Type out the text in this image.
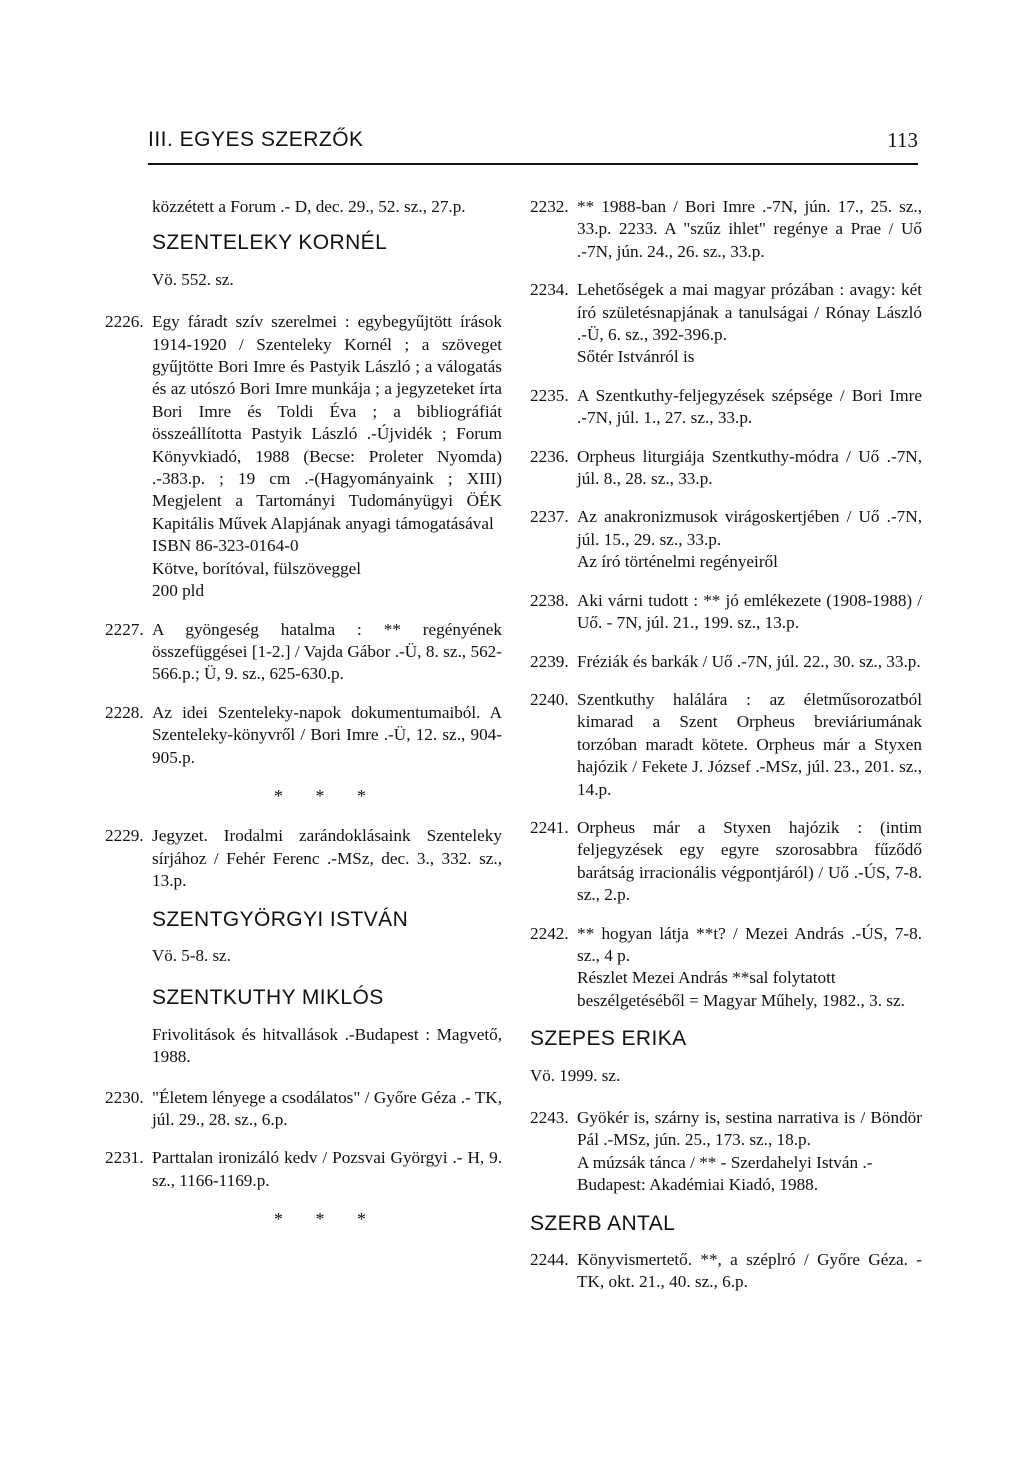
III. EGYES SZERZŐK	113
közzétett a Forum .- D, dec. 29., 52. sz., 27.p.
SZENTELEKY KORNÉL
Vö. 552. sz.
2226. Egy fáradt szív szerelmei : egybegyűjtött írások 1914-1920 / Szenteleky Kornél ; a szöveget gyűjtötte Bori Imre és Pastyik László ; a válogatás és az utószó Bori Imre munkája ; a jegyzeteket írta Bori Imre és Toldi Éva ; a bibliográfiát összeállította Pastyik László .-Újvidék ; Forum Könyvkiadó, 1988 (Becse: Proleter Nyomda) .-383.p. ; 19 cm .-(Hagyományaink ; XIII) Megjelent a Tartományi Tudományügyi ÖÉK Kapitális Művek Alapjának anyagi támogatásával
ISBN 86-323-0164-0
Kötve, borítóval, fülszöveggel
200 pld
2227. A gyöngeség hatalma : ** regényének összefüggései [1-2.] / Vajda Gábor .-Ü, 8. sz., 562-566.p.; Ü, 9. sz., 625-630.p.
2228. Az idei Szenteleky-napok dokumentumaiból. A Szenteleky-könyvről / Bori Imre .-Ü, 12. sz., 904-905.p.
* * *
2229. Jegyzet. Irodalmi zarándoklásaink Szenteleky sírjához / Fehér Ferenc .-MSz, dec. 3., 332. sz., 13.p.
SZENTGYÖRGYI ISTVÁN
Vö. 5-8. sz.
SZENTKUTHY MIKLÓS
Frivolitások és hitvallások .-Budapest : Magvető, 1988.
2230. "Életem lényege a csodálatos" / Győre Géza .- TK, júl. 29., 28. sz., 6.p.
2231. Parttalan ironizáló kedv / Pozsvai Györgyi .- H, 9. sz., 1166-1169.p.
* * *
2232. ** 1988-ban / Bori Imre .-7N, jún. 17., 25. sz., 33.p. 2233. A "szűz ihlet" regénye a Prae / Uő .-7N, jún. 24., 26. sz., 33.p.
2234. Lehetőségek a mai magyar prózában : avagy: két író születésnapjának a tanulságai / Rónay László .-Ü, 6. sz., 392-396.p.
Sőtér Istvánról is
2235. A Szentkuthy-feljegyzések szépsége / Bori Imre .-7N, júl. 1., 27. sz., 33.p.
2236. Orpheus liturgiája Szentkuthy-módra / Uő .-7N, júl. 8., 28. sz., 33.p.
2237. Az anakronizmusok virágoskertjében / Uő .-7N, júl. 15., 29. sz., 33.p.
Az író történelmi regényeiről
2238. Aki várni tudott : ** jó emlékezete (1908-1988) / Uő. - 7N, júl. 21., 199. sz., 13.p.
2239. Fréziák és barkák / Uő .-7N, júl. 22., 30. sz., 33.p.
2240. Szentkuthy halálára : az életműsorozatból kimarad a Szent Orpheus breviáriumának torzóban maradt kötete. Orpheus már a Styxen hajózik / Fekete J. József .-MSz, júl. 23., 201. sz., 14.p.
2241. Orpheus már a Styxen hajózik : (intim feljegyzések egy egyre szorosabbra fűződő barátság irracionális végpontjáról) / Uő .-ÚS, 7-8. sz., 2.p.
2242. ** hogyan látja **t? / Mezei András .-ÚS, 7-8. sz., 4 p.
Részlet Mezei András **sal folytatott beszélgetéséből = Magyar Műhely, 1982., 3. sz.
SZEPES ERIKA
Vö. 1999. sz.
2243. Gyökér is, szárny is, sestina narrativa is / Böndör Pál .-MSz, jún. 25., 173. sz., 18.p.
A múzsák tánca / ** - Szerdahelyi István .- Budapest: Akadémiai Kiadó, 1988.
SZERB ANTAL
2244. Könyvismertető. **, a széplró / Győre Géza. - TK, okt. 21., 40. sz., 6.p.
